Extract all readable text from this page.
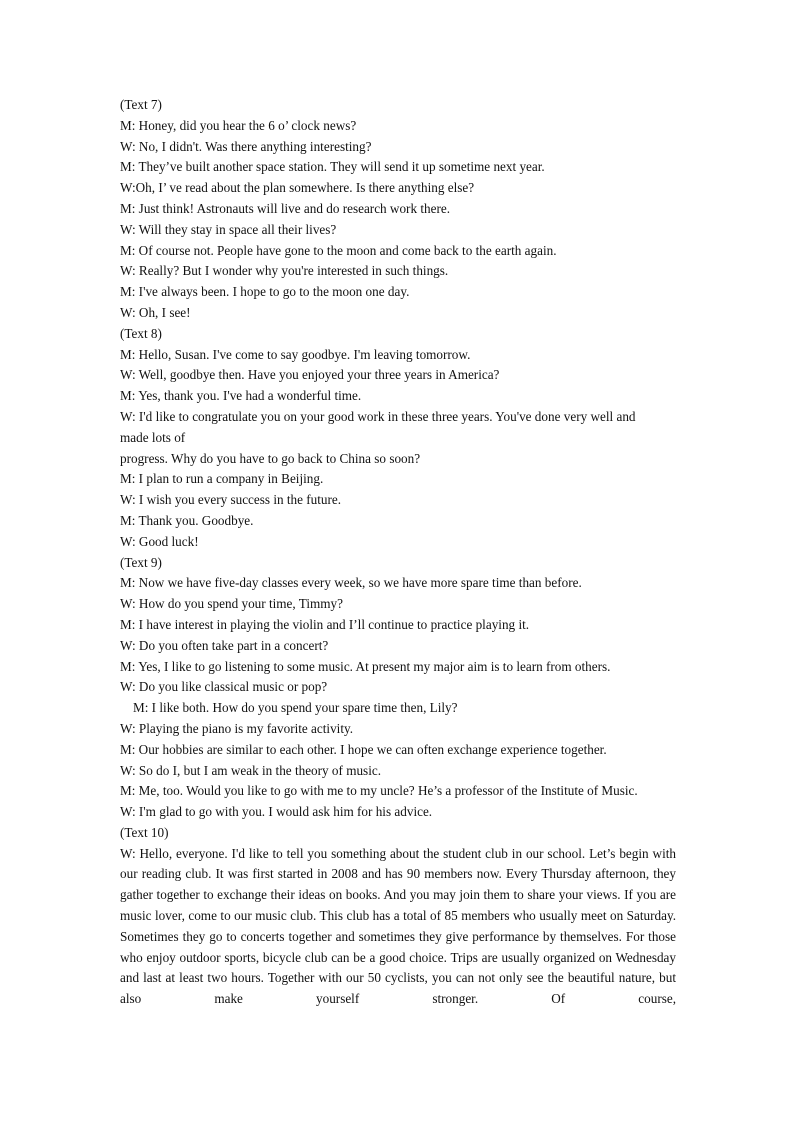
(Text 7)
M: Honey, did you hear the 6 o’ clock news?
W: No, I didn't. Was there anything interesting?
M: They’ve built another space station. They will send it up sometime next year.
W:Oh, I’ ve read about the plan somewhere. Is there anything else?
M: Just think! Astronauts will live and do research work there.
W: Will they stay in space all their lives?
M: Of course not. People have gone to the moon and come back to the earth again.
W: Really? But I wonder why you're interested in such things.
M: I've always been. I hope to go to the moon one day.
W: Oh, I see!
(Text 8)
M: Hello, Susan. I've come to say goodbye. I'm leaving tomorrow.
W: Well, goodbye then. Have you enjoyed your three years in America?
M: Yes, thank you. I've had a wonderful time.
W: I'd like to congratulate you on your good work in these three years. You've done very well and
made lots of
progress. Why do you have to go back to China so soon?
M: I plan to run a company in Beijing.
W: I wish you every success in the future.
M: Thank you. Goodbye.
W: Good luck!
(Text 9)
M: Now we have five-day classes every week, so we have more spare time than before.
W: How do you spend your time, Timmy?
M: I have interest in playing the violin and I’ll continue to practice playing it.
W: Do you often take part in a concert?
M: Yes, I like to go listening to some music. At present my major aim is to learn from others.
W: Do you like classical music or pop?
M: I like both. How do you spend your spare time then, Lily?
W: Playing the piano is my favorite activity.
M: Our hobbies are similar to each other. I hope we can often exchange experience together.
W: So do I, but I am weak in the theory of music.
M: Me, too. Would you like to go with me to my uncle? He’s a professor of the Institute of Music.
W: I'm glad to go with you. I would ask him for his advice.
(Text 10)
W: Hello, everyone. I'd like to tell you something about the student club in our school. Let’s begin with our reading club. It was first started in 2008 and has 90 members now. Every Thursday afternoon, they gather together to exchange their ideas on books. And you may join them to share your views. If you are music lover, come to our music club. This club has a total of 85 members who usually meet on Saturday. Sometimes they go to concerts together and sometimes they give performance by themselves. For those who enjoy outdoor sports, bicycle club can be a good choice. Trips are usually organized on Wednesday and last at least two hours. Together with our 50 cyclists, you can not only see the beautiful nature, but also make yourself stronger. Of course,
